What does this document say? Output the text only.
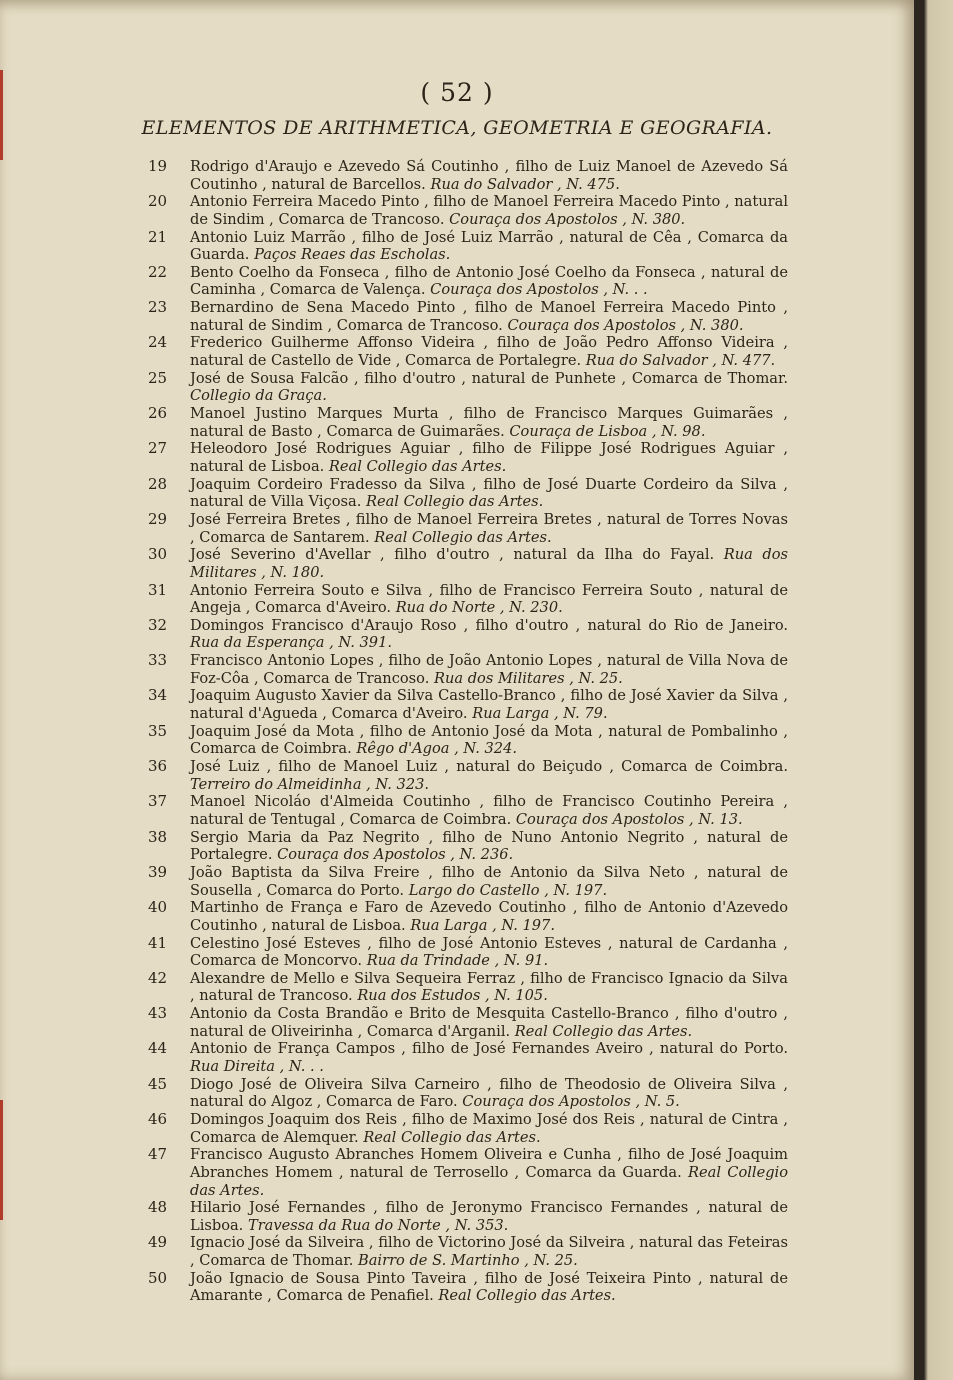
( 52 )
ELEMENTOS DE ARITHMETICA, GEOMETRIA E GEOGRAFIA.
19	Rodrigo d'Araujo e Azevedo Sá Coutinho , filho de Luiz Manoel de Azevedo Sá Coutinho , natural de Barcellos. Rua do Salvador , N. 475.
20	Antonio Ferreira Macedo Pinto , filho de Manoel Ferreira Macedo Pinto , natural de Sindim , Comarca de Trancoso. Couraça dos Apostolos , N. 380.
21	Antonio Luiz Marrão , filho de José Luiz Marrão , natural de Cêa , Comarca da Guarda. Paços Reaes das Escholas.
22	Bento Coelho da Fonseca , filho de Antonio José Coelho da Fonseca , natural de Caminha , Comarca de Valença. Couraça dos Apostolos , N. . .
23	Bernardino de Sena Macedo Pinto , filho de Manoel Ferreira Macedo Pinto , natural de Sindim , Comarca de Trancoso. Couraça dos Apostolos , N. 380.
24	Frederico Guilherme Affonso Videira , filho de João Pedro Affonso Videira , natural de Castello de Vide , Comarca de Portalegre. Rua do Salvador , N. 477.
25	José de Sousa Falcão , filho d'outro , natural de Punhete , Comarca de Thomar. Collegio da Graça.
26	Manoel Justino Marques Murta , filho de Francisco Marques Guimarães , natural de Basto , Comarca de Guimarães. Couraça de Lisboa , N. 98.
27	Heleodoro José Rodrigues Aguiar , filho de Filippe José Rodrigues Aguiar , natural de Lisboa. Real Collegio das Artes.
28	Joaquim Cordeiro Fradesso da Silva , filho de José Duarte Cordeiro da Silva , natural de Villa Viçosa. Real Collegio das Artes.
29	José Ferreira Bretes , filho de Manoel Ferreira Bretes , natural de Torres Novas , Comarca de Santarem. Real Collegio das Artes.
30	José Severino d'Avellar , filho d'outro , natural da Ilha do Fayal. Rua dos Militares , N. 180.
31	Antonio Ferreira Souto e Silva , filho de Francisco Ferreira Souto , natural de Angeja , Comarca d'Aveiro. Rua do Norte , N. 230.
32	Domingos Francisco d'Araujo Roso , filho d'outro , natural do Rio de Janeiro. Rua da Esperança , N. 391.
33	Francisco Antonio Lopes , filho de João Antonio Lopes , natural de Villa Nova de Foz-Côa , Comarca de Trancoso. Rua dos Militares , N. 25.
34	Joaquim Augusto Xavier da Silva Castello-Branco , filho de José Xavier da Silva , natural d'Agueda , Comarca d'Aveiro. Rua Larga , N. 79.
35	Joaquim José da Mota , filho de Antonio José da Mota , natural de Pombalinho , Comarca de Coimbra. Rêgo d'Agoa , N. 324.
36	José Luiz , filho de Manoel Luiz , natural do Beiçudo , Comarca de Coimbra. Terreiro do Almeidinha , N. 323.
37	Manoel Nicoláo d'Almeida Coutinho , filho de Francisco Coutinho Pereira , natural de Tentugal , Comarca de Coimbra. Couraça dos Apostolos , N. 13.
38	Sergio Maria da Paz Negrito , filho de Nuno Antonio Negrito , natural de Portalegre. Couraça dos Apostolos , N. 236.
39	João Baptista da Silva Freire , filho de Antonio da Silva Neto , natural de Sousella , Comarca do Porto. Largo do Castello , N. 197.
40	Martinho de França e Faro de Azevedo Coutinho , filho de Antonio d'Azevedo Coutinho , natural de Lisboa. Rua Larga , N. 197.
41	Celestino José Esteves , filho de José Antonio Esteves , natural de Cardanha , Comarca de Moncorvo. Rua da Trindade , N. 91.
42	Alexandre de Mello e Silva Sequeira Ferraz , filho de Francisco Ignacio da Silva , natural de Trancoso. Rua dos Estudos , N. 105.
43	Antonio da Costa Brandão e Brito de Mesquita Castello-Branco , filho d'outro , natural de Oliveirinha , Comarca d'Arganil. Real Collegio das Artes.
44	Antonio de França Campos , filho de José Fernandes Aveiro , natural do Porto. Rua Direita , N. . .
45	Diogo José de Oliveira Silva Carneiro , filho de Theodosio de Oliveira Silva , natural do Algoz , Comarca de Faro. Couraça dos Apostolos , N. 5.
46	Domingos Joaquim dos Reis , filho de Maximo José dos Reis , natural de Cintra , Comarca de Alemquer. Real Collegio das Artes.
47	Francisco Augusto Abranches Homem Oliveira e Cunha , filho de José Joaquim Abranches Homem , natural de Terrosello , Comarca da Guarda. Real Collegio das Artes.
48	Hilario José Fernandes , filho de Jeronymo Francisco Fernandes , natural de Lisboa. Travessa da Rua do Norte , N. 353.
49	Ignacio José da Silveira , filho de Victorino José da Silveira , natural das Feteiras , Comarca de Thomar. Bairro de S. Martinho , N. 25.
50	João Ignacio de Sousa Pinto Taveira , filho de José Teixeira Pinto , natural de Amarante , Comarca de Penafiel. Real Collegio das Artes.
